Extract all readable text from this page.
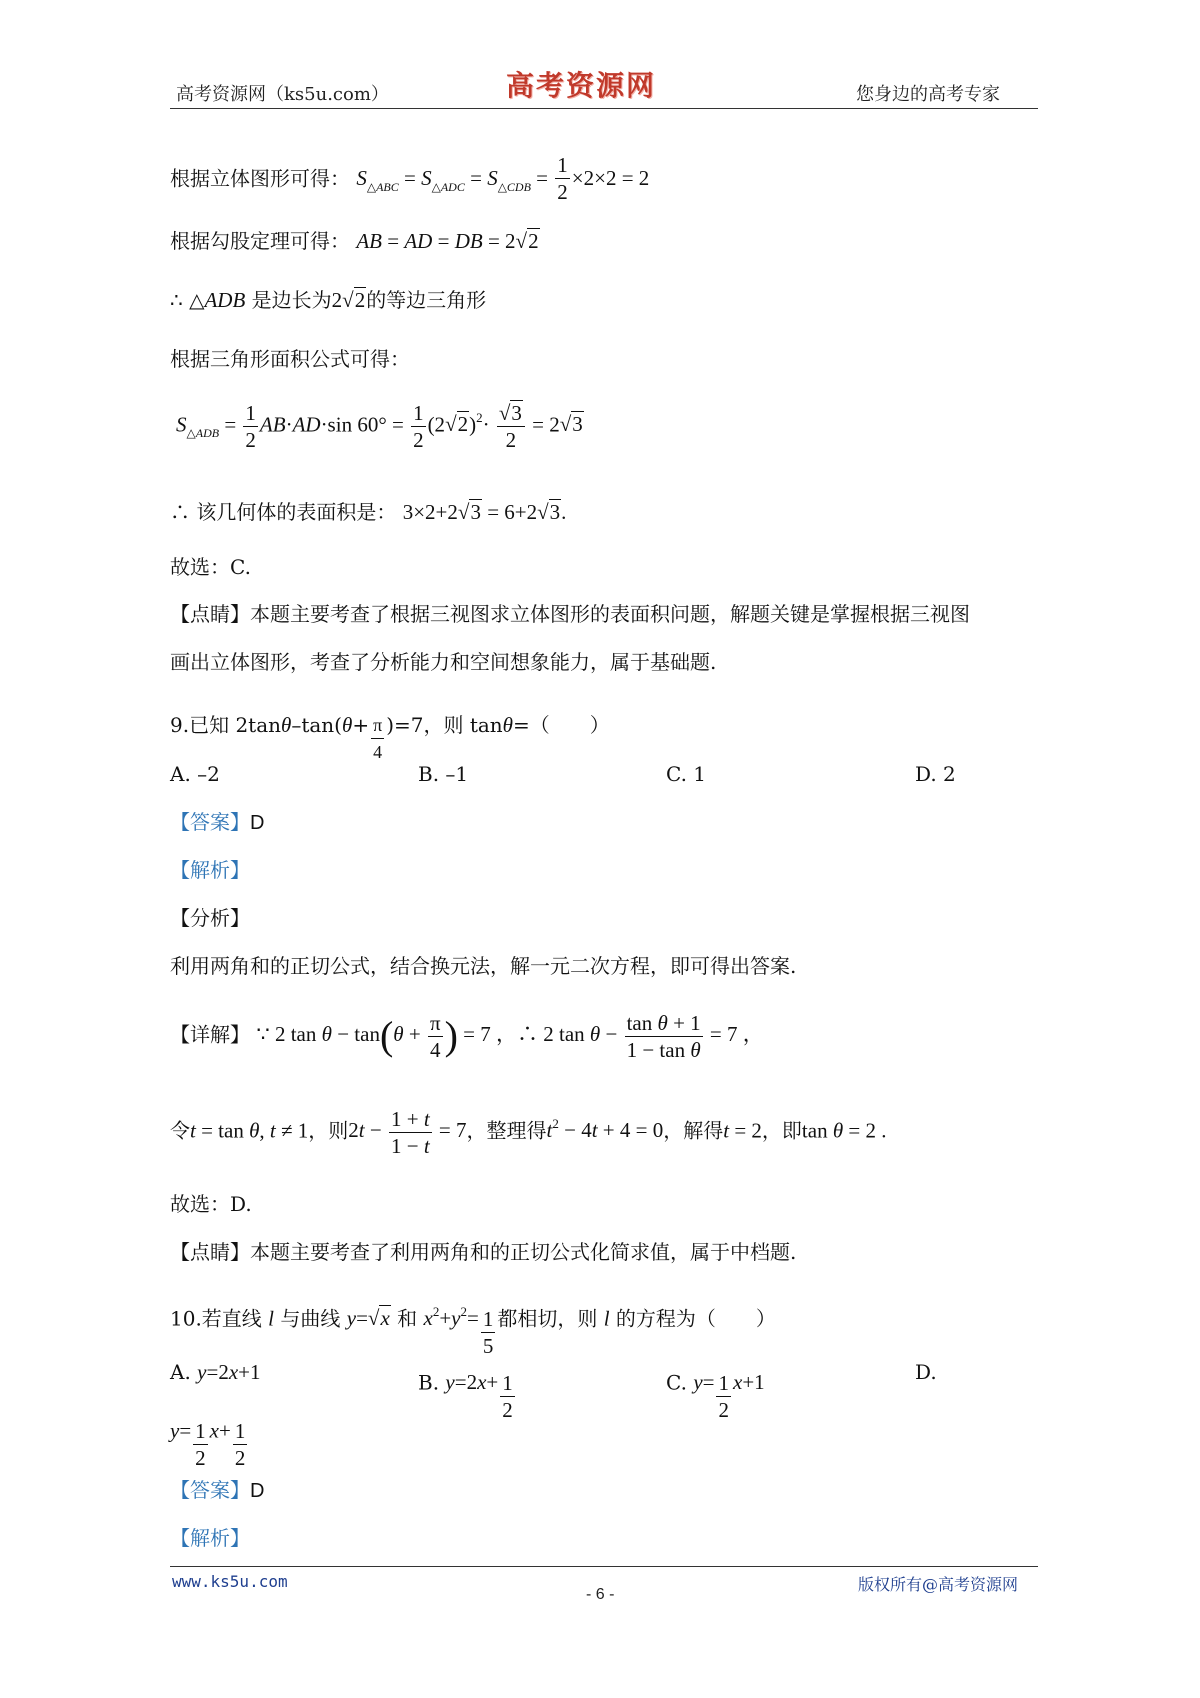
高考资源网（ks5u.com）	高考资源网	您身边的高考专家
根据立体图形可得： $S_{\triangle ABC} = S_{\triangle ADC} = S_{\triangle CDB} = \frac{1}{2} \times 2\times 2 = 2$
根据勾股定理可得： AB = AD = DB = 2√2
∴ △ADB 是边长为2√2的等边三角形
根据三角形面积公式可得：
$S_{\triangle ADB} = \frac{1}{2} AB\cdot AD\cdot\sin$ $60^\circ = \frac{1}{2} (2√2)^2\cdot \frac{√3}{2} = 2√3$
∴ 该几何体的表面积是： 3×2+2√3 = 6+2√3.
故选：C.
【点睛】本题主要考查了根据三视图求立体图形的表面积问题，解题关键是掌握根据三视图
画出立体图形，考查了分析能力和空间想象能力，属于基础题.
9.已知 $2\tan\theta-\tan(\theta+ \frac{\pi}{4} )=7$，则 tanθ=（　　）
A. –2	B. –1	C. 1	D. 2
【答案】D
【解析】
【分析】
利用两角和的正切公式，结合换元法，解一元二次方程，即可得出答案.
【详解】 ∵ 2 $\tan \theta - \tan(\theta + \frac{\pi}{4}$ ) = 7 ，∴ 2 $\tan \theta - \frac{\text{tan θ + 1}}{\text{1 − tan θ}} = 7$ ，
令t = tan θ, t ≠ 1，则$2t - \frac{1 + t}{1 - t} = 7$，整理得$t^2 - 4t + 4 = 0$，解得t = 2，即tan θ = 2 .
故选：D.
【点睛】本题主要考查了利用两角和的正切公式化简求值，属于中档题.
10.若直线 l 与曲线 y=√x 和 $x^2+y^2= \frac{1}{5}$ 都相切，则 l 的方程为（　　）
A. y=2x+1	B. $y=2x+ \frac{1}{2}$	C. $y= \frac{1}{2} x+1$	D.
$y= \frac{1}{2} x+ \frac{1}{2}$
【答案】D
【解析】
www.ks5u.com
- 6 -
版权所有@高考资源网
